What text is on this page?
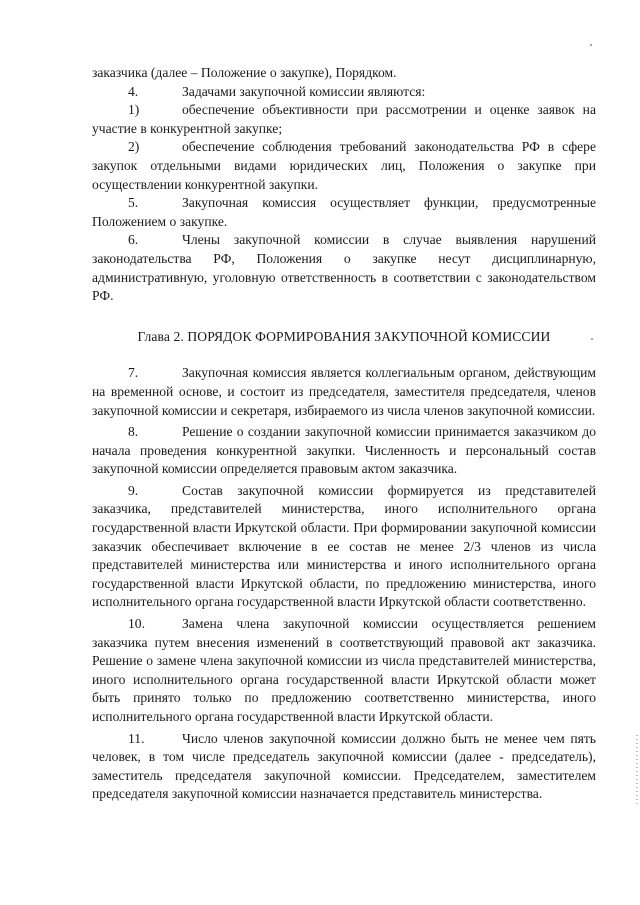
заказчика (далее – Положение о закупке), Порядком.

4.	Задачами закупочной комиссии являются:

1)	обеспечение объективности при рассмотрении и оценке заявок на участие в конкурентной закупке;

2)	обеспечение соблюдения требований законодательства РФ в сфере закупок отдельными видами юридических лиц, Положения о закупке при осуществлении конкурентной закупки.

5.	Закупочная комиссия осуществляет функции, предусмотренные Положением о закупке.

6.	Члены закупочной комиссии в случае выявления нарушений законодательства РФ, Положения о закупке несут дисциплинарную, административную, уголовную ответственность в соответствии с законодательством РФ.

Глава 2. ПОРЯДОК ФОРМИРОВАНИЯ ЗАКУПОЧНОЙ КОМИССИИ

7.	Закупочная комиссия является коллегиальным органом, действующим на временной основе, и состоит из председателя, заместителя председателя, членов закупочной комиссии и секретаря, избираемого из числа членов закупочной комиссии.

8.	Решение о создании закупочной комиссии принимается заказчиком до начала проведения конкурентной закупки. Численность и персональный состав закупочной комиссии определяется правовым актом заказчика.

9.	Состав закупочной комиссии формируется из представителей заказчика, представителей министерства, иного исполнительного органа государственной власти Иркутской области. При формировании закупочной комиссии заказчик обеспечивает включение в ее состав не менее 2/3 членов из числа представителей министерства или министерства и иного исполнительного органа государственной власти Иркутской области, по предложению министерства, иного исполнительного органа государственной власти Иркутской области соответственно.

10.	Замена члена закупочной комиссии осуществляется решением заказчика путем внесения изменений в соответствующий правовой акт заказчика. Решение о замене члена закупочной комиссии из числа представителей министерства, иного исполнительного органа государственной власти Иркутской области может быть принято только по предложению соответственно министерства, иного исполнительного органа государственной власти Иркутской области.

11.	Число членов закупочной комиссии должно быть не менее чем пять человек, в том числе председатель закупочной комиссии (далее - председатель), заместитель председателя закупочной комиссии. Председателем, заместителем председателя закупочной комиссии назначается представитель министерства.
